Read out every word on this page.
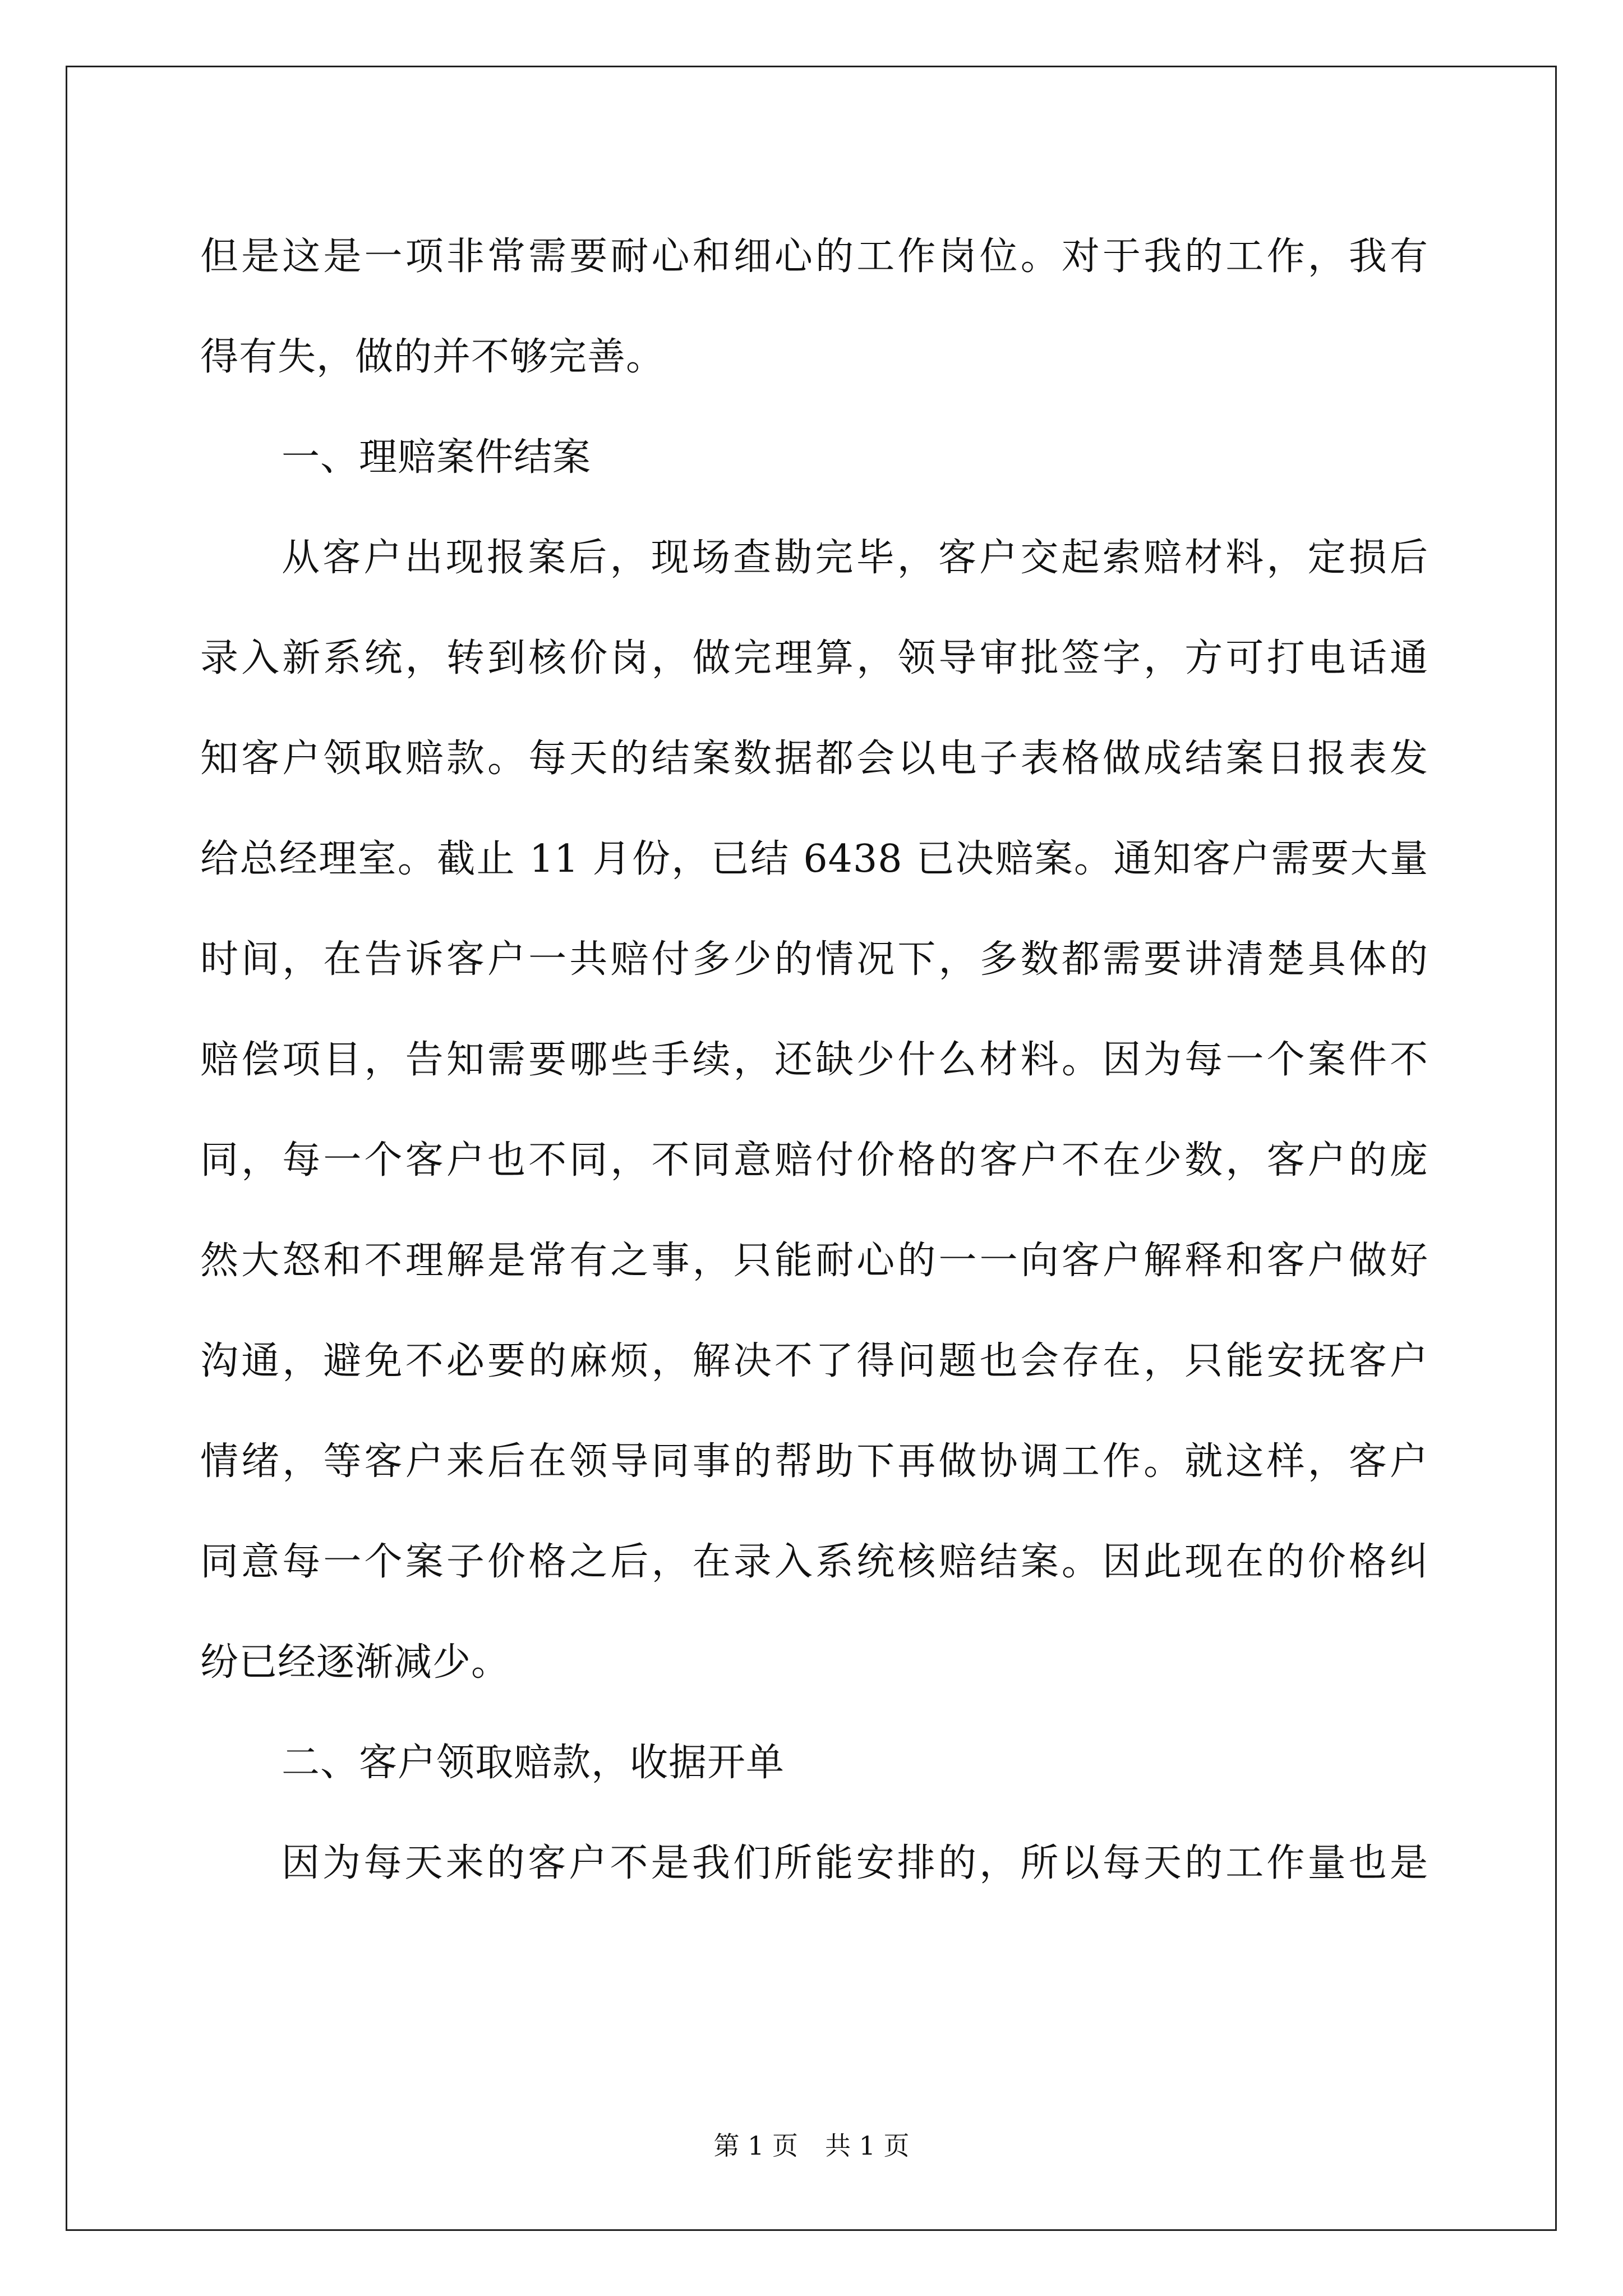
但是这是一项非常需要耐心和细心的工作岗位。对于我的工作，我有
得有失，做的并不够完善。
一、理赔案件结案
从客户出现报案后，现场查勘完毕，客户交起索赔材料，定损后
录入新系统，转到核价岗，做完理算，领导审批签字，方可打电话通
知客户领取赔款。每天的结案数据都会以电子表格做成结案日报表发
给总经理室。截止 11 月份，已结 6438 已决赔案。通知客户需要大量
时间，在告诉客户一共赔付多少的情况下，多数都需要讲清楚具体的
赔偿项目，告知需要哪些手续，还缺少什么材料。因为每一个案件不
同，每一个客户也不同，不同意赔付价格的客户不在少数，客户的庞
然大怒和不理解是常有之事，只能耐心的一一向客户解释和客户做好
沟通，避免不必要的麻烦，解决不了得问题也会存在，只能安抚客户
情绪，等客户来后在领导同事的帮助下再做协调工作。就这样，客户
同意每一个案子价格之后，在录入系统核赔结案。因此现在的价格纠
纷已经逐渐减少。
二、客户领取赔款，收据开单
因为每天来的客户不是我们所能安排的，所以每天的工作量也是
第 1 页 共 1 页
